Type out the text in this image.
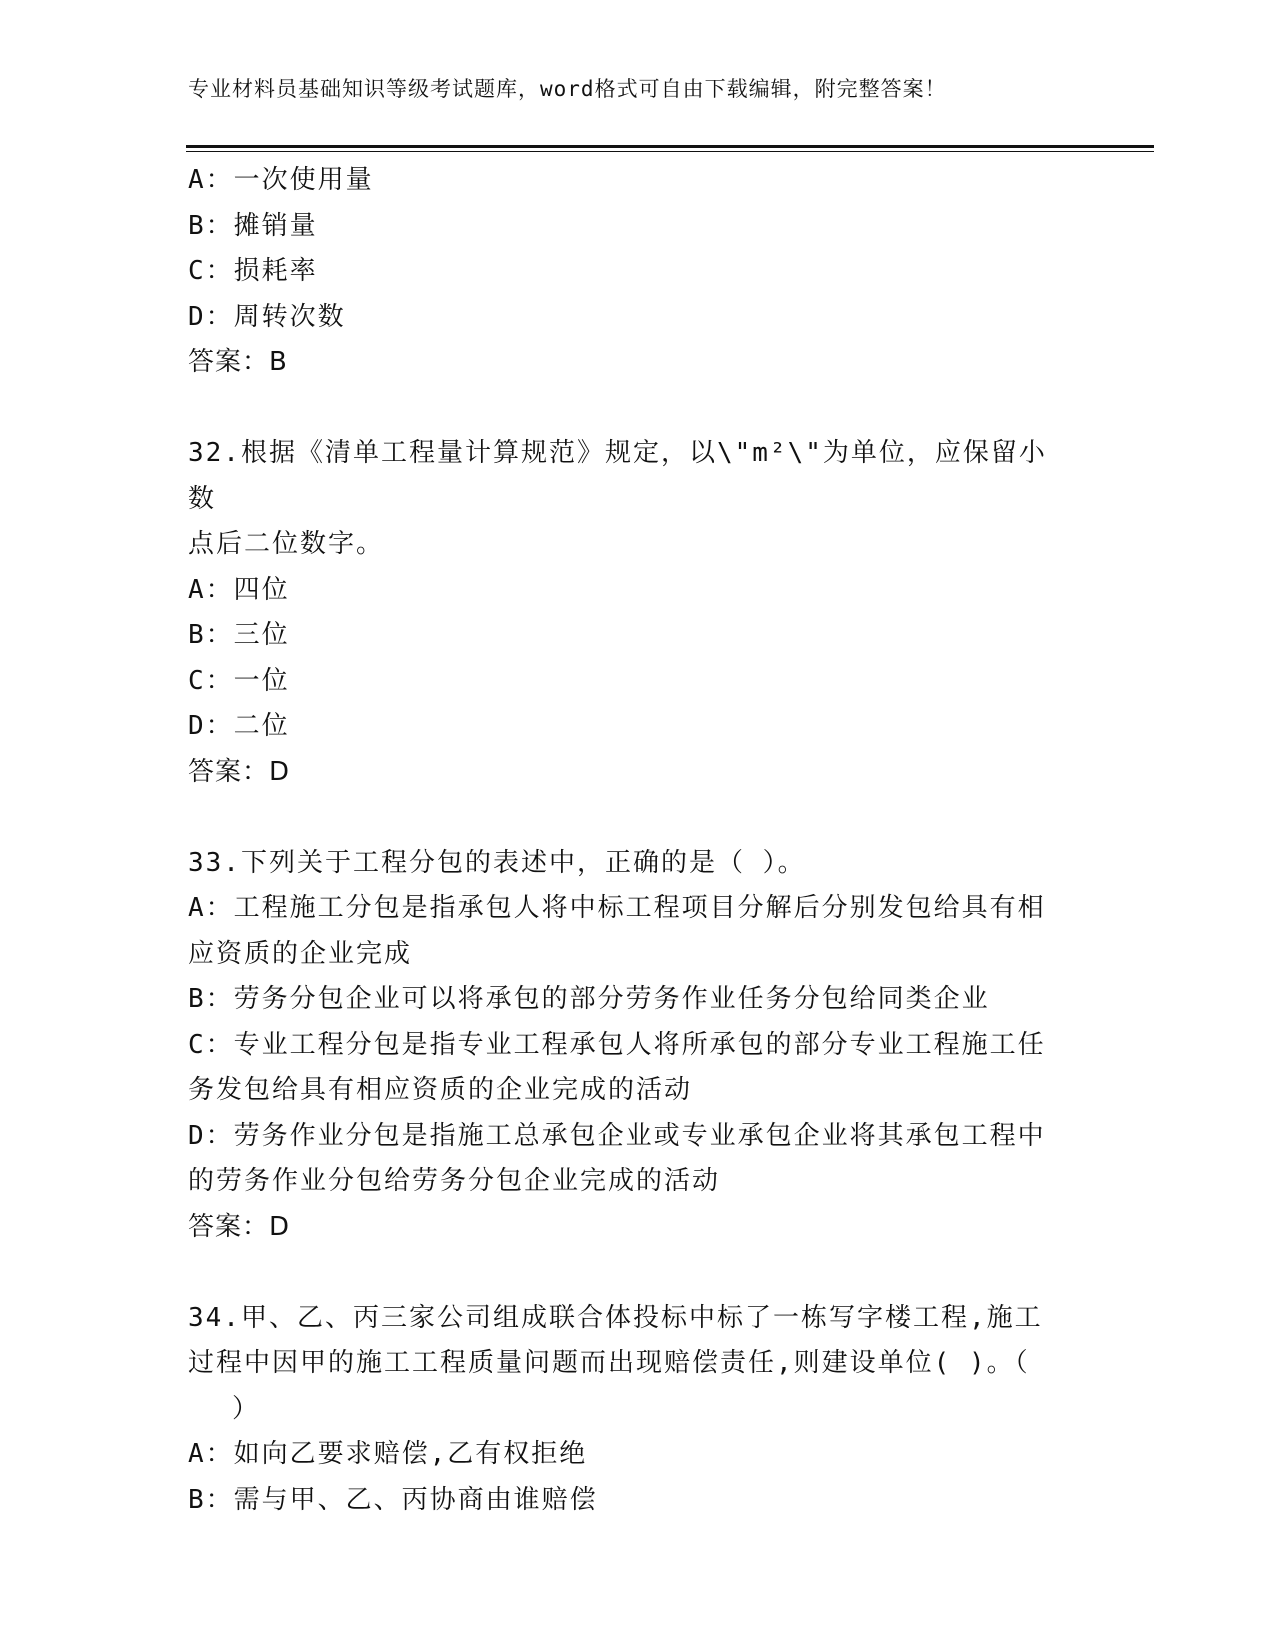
专业材料员基础知识等级考试题库，word格式可自由下载编辑，附完整答案！
A：一次使用量
B：摊销量
C：损耗率
D：周转次数
答案：B
32.根据《清单工程量计算规范》规定，以\"m²\"为单位，应保留小数
点后二位数字。
A：四位
B：三位
C：一位
D：二位
答案：D
33.下列关于工程分包的表述中，正确的是（ ）。
A：工程施工分包是指承包人将中标工程项目分解后分别发包给具有相
应资质的企业完成
B：劳务分包企业可以将承包的部分劳务作业任务分包给同类企业
C：专业工程分包是指专业工程承包人将所承包的部分专业工程施工任
务发包给具有相应资质的企业完成的活动
D：劳务作业分包是指施工总承包企业或专业承包企业将其承包工程中
的劳务作业分包给劳务分包企业完成的活动
答案：D
34.甲、乙、丙三家公司组成联合体投标中标了一栋写字楼工程,施工
过程中因甲的施工工程质量问题而出现赔偿责任,则建设单位( )。（
）
A：如向乙要求赔偿,乙有权拒绝
B：需与甲、乙、丙协商由谁赔偿
